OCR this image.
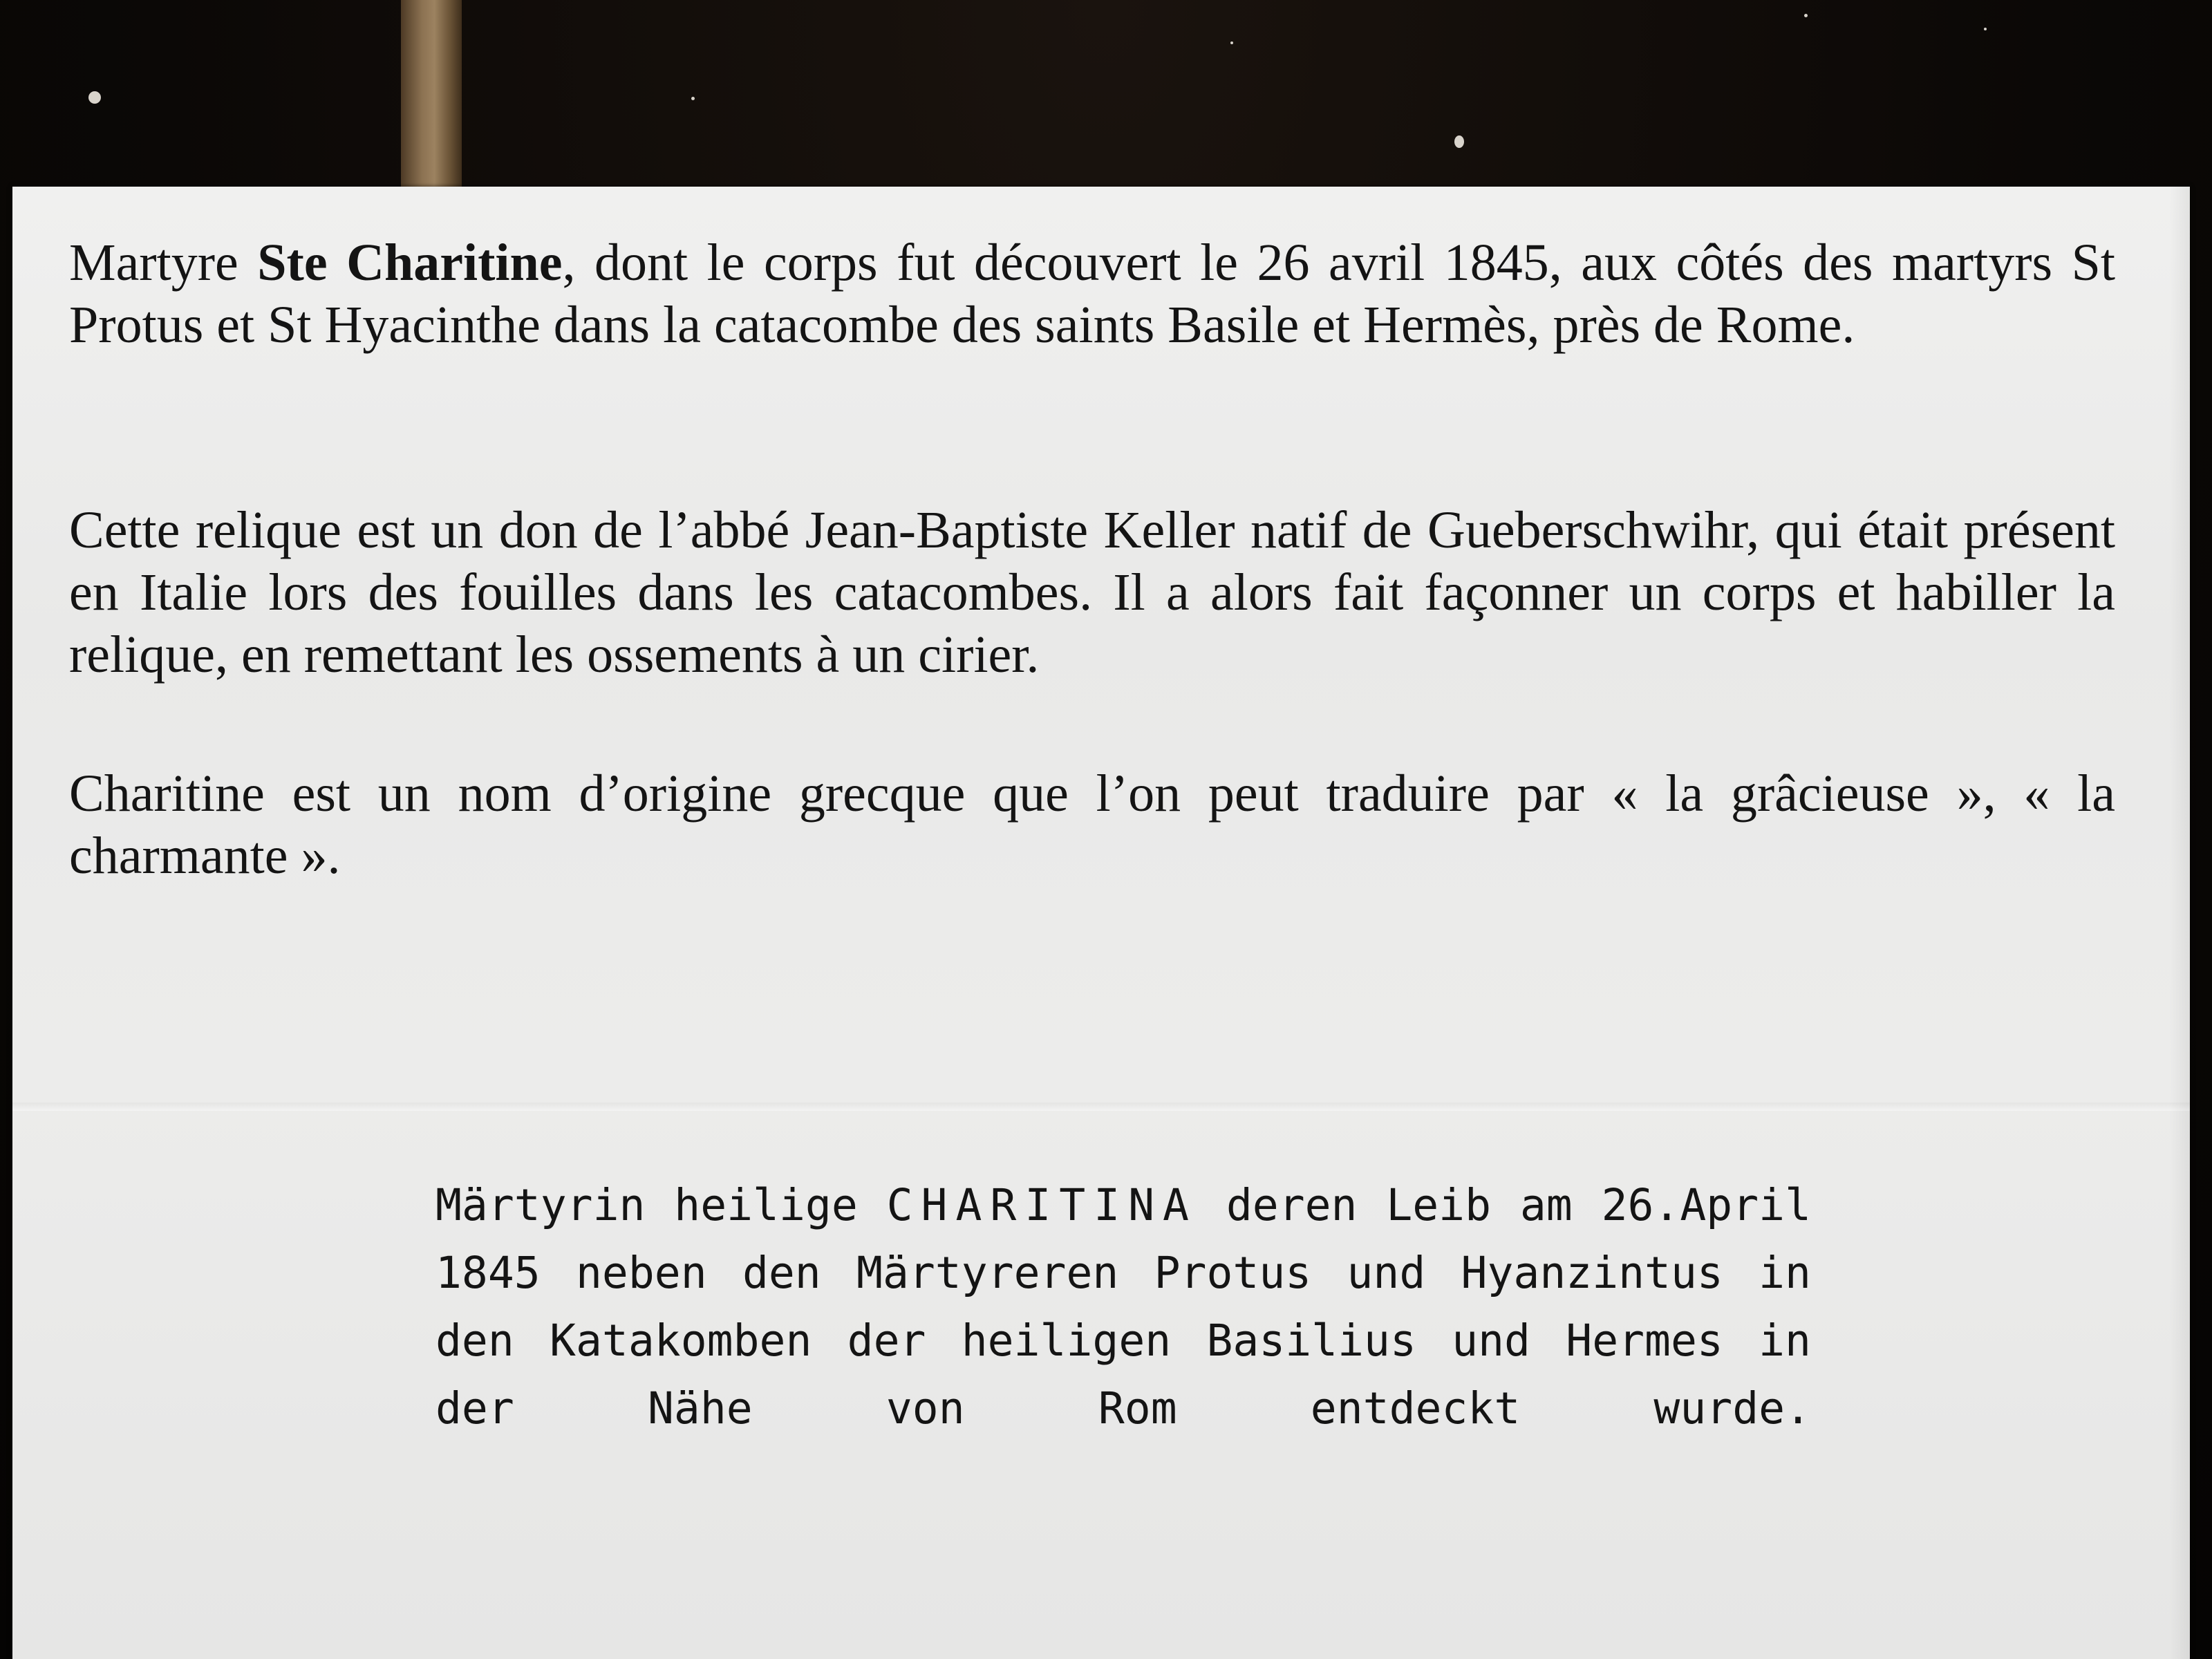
Martyre Ste Charitine, dont le corps fut découvert le 26 avril 1845, aux côtés des martyrs St Protus et St Hyacinthe dans la catacombe des saints Basile et Hermès, près de Rome.

Cette relique est un don de l’abbé Jean-Baptiste Keller natif de Gueberschwihr, qui était présent en Italie lors des fouilles dans les catacombes. Il a alors fait façonner un corps et habiller la relique, en remettant les ossements à un cirier.

Charitine est un nom d’origine grecque que l’on peut traduire par « la grâcieuse », « la charmante ».

Märtyrin heilige CHARITINA deren Leib am 26.April 1845 neben den Märtyreren Protus und Hyanzintus in den Katakomben der heiligen Basilius und Hermes in der Nähe von Rom entdeckt wurde.
